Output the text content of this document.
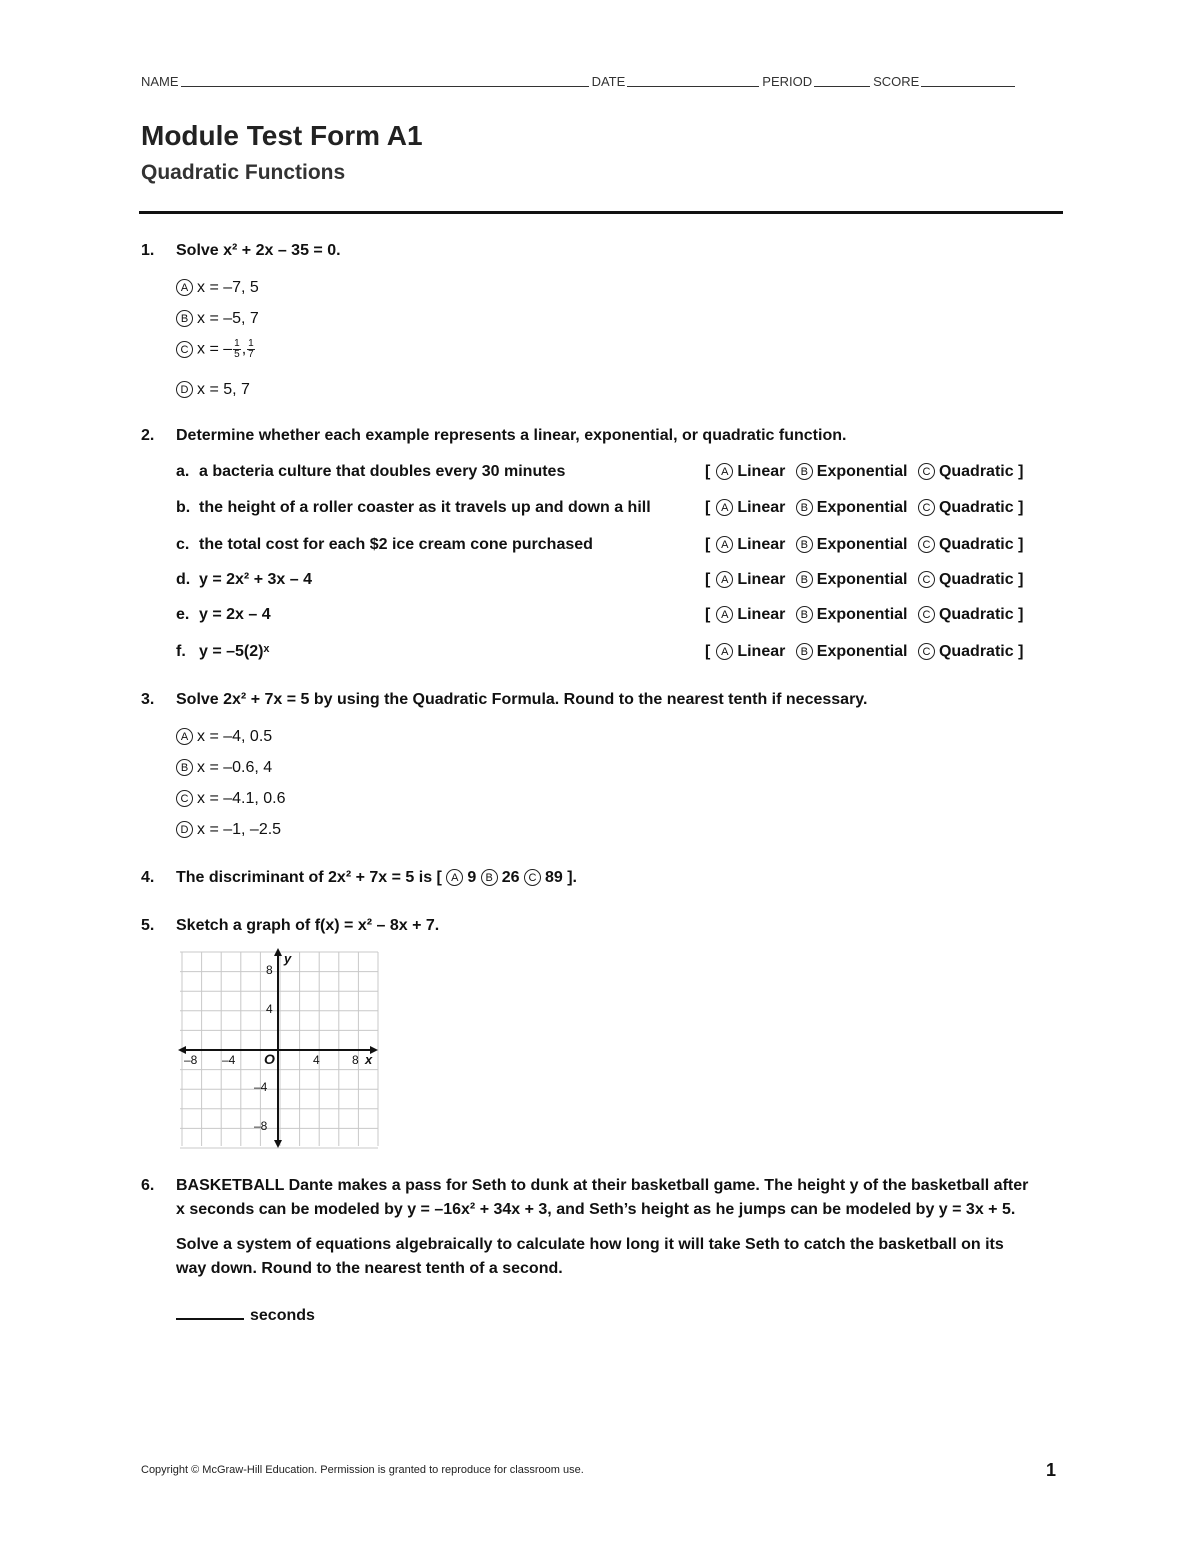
NAME	DATE	PERIOD	SCORE
Module Test Form A1
Quadratic Functions
1. Solve x² + 2x – 35 = 0.
A x = –7, 5
B x = –5, 7
C x = – $\frac{1}{5}$ , $\frac{1}{7}$
D x = 5, 7
2. Determine whether each example represents a linear, exponential, or quadratic function.
a. a bacteria culture that doubles every 30 minutes	[ A Linear B Exponential C Quadratic ]
b. the height of a roller coaster as it travels up and down a hill	[ A Linear B Exponential C Quadratic ]
c. the total cost for each $2 ice cream cone purchased	[ A Linear B Exponential C Quadratic ]
d. y = 2x² + 3x – 4	[ A Linear B Exponential C Quadratic ]
e. y = 2x – 4	[ A Linear B Exponential C Quadratic ]
f. y = –5(2)ˣ	[ A Linear B Exponential C Quadratic ]
3. Solve 2x² + 7x = 5 by using the Quadratic Formula. Round to the nearest tenth if necessary.
A x = –4, 0.5
B x = –0.6, 4
C x = –4.1, 0.6
D x = –1, –2.5
4. The discriminant of 2x² + 7x = 5 is [ A 9 B 26 C 89 ].
5. Sketch a graph of f(x) = x² – 8x + 7.
O	x
y
–8 –4	4	8
8
4
–4
–8
6. BASKETBALL Dante makes a pass for Seth to dunk at their basketball game. The height y of the basketball after
x seconds can be modeled by y = –16x² + 34x + 3, and Seth’s height as he jumps can be modeled by y = 3x + 5.
Solve a system of equations algebraically to calculate how long it will take Seth to catch the basketball on its
way down. Round to the nearest tenth of a second.
seconds
Copyright © McGraw-Hill Education. Permission is granted to reproduce for classroom use.	1
